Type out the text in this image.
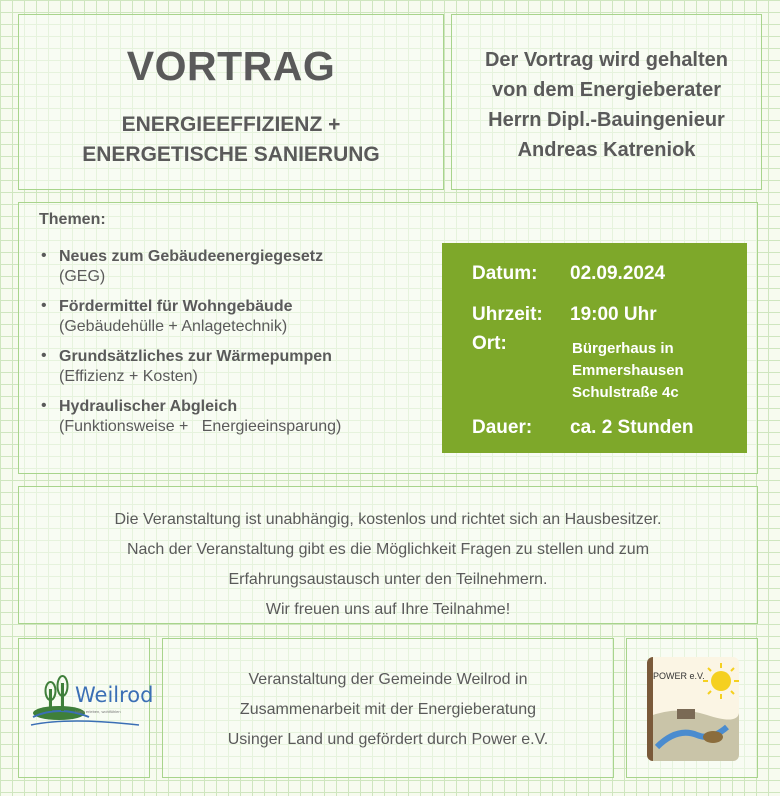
VORTRAG
ENERGIEEFFIZIENZ +
ENERGETISCHE SANIERUNG
Der Vortrag wird gehalten
von dem Energieberater
Herrn Dipl.-Bauingenieur
Andreas Katreniok
Themen:
• Neues zum Gebäudeenergiegesetz
(GEG)
• Fördermittel für Wohngebäude
(Gebäudehülle + Anlagetechnik)
• Grundsätzliches zur Wärmepumpen
(Effizienz + Kosten)
• Hydraulischer Abgleich
(Funktionsweise +   Energieeinsparung)
Datum: 02.09.2024
Uhrzeit: 19:00 Uhr
Ort:	Bürgerhaus in
Emmershausen
Schulstraße 4c
Dauer: ca. 2 Stunden
Die Veranstaltung ist unabhängig, kostenlos und richtet sich an Hausbesitzer.
Nach der Veranstaltung gibt es die Möglichkeit Fragen zu stellen und zum
Erfahrungsaustausch unter den Teilnehmern.
Wir freuen uns auf Ihre Teilnahme!
Weilrod
Natur erleben, wohlfühlen
Veranstaltung der Gemeinde Weilrod in
Zusammenarbeit mit der Energieberatung
Usinger Land und gefördert durch Power e.V.
POWER e.V.
